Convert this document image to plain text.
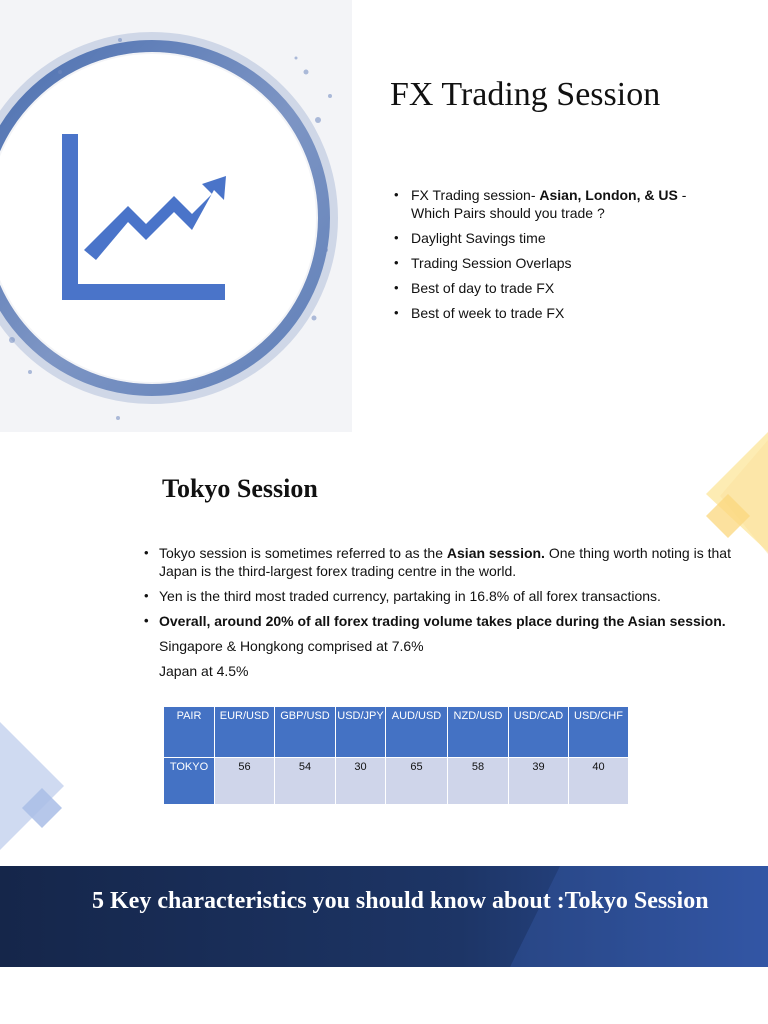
FX Trading Session
• FX Trading session- Asian, London, & US - Which Pairs should you trade ?
• Daylight Savings time
• Trading Session Overlaps
• Best of day to trade FX
• Best of week to trade FX
Tokyo Session
• Tokyo session is sometimes referred to as the Asian session. One thing worth noting is that Japan is the third-largest forex trading centre in the world.
• Yen is the third most traded currency, partaking in 16.8% of all forex transactions.
• Overall, around 20% of all forex trading volume takes place during the Asian session.
Singapore & Hongkong comprised at 7.6%
Japan at 4.5%
PAIR	EUR/USD	GBP/USD	USD/JPY	AUD/USD	NZD/USD	USD/CAD	USD/CHF
TOKYO	56	54	30	65	58	39	40
5 Key characteristics you should know about :Tokyo Session
